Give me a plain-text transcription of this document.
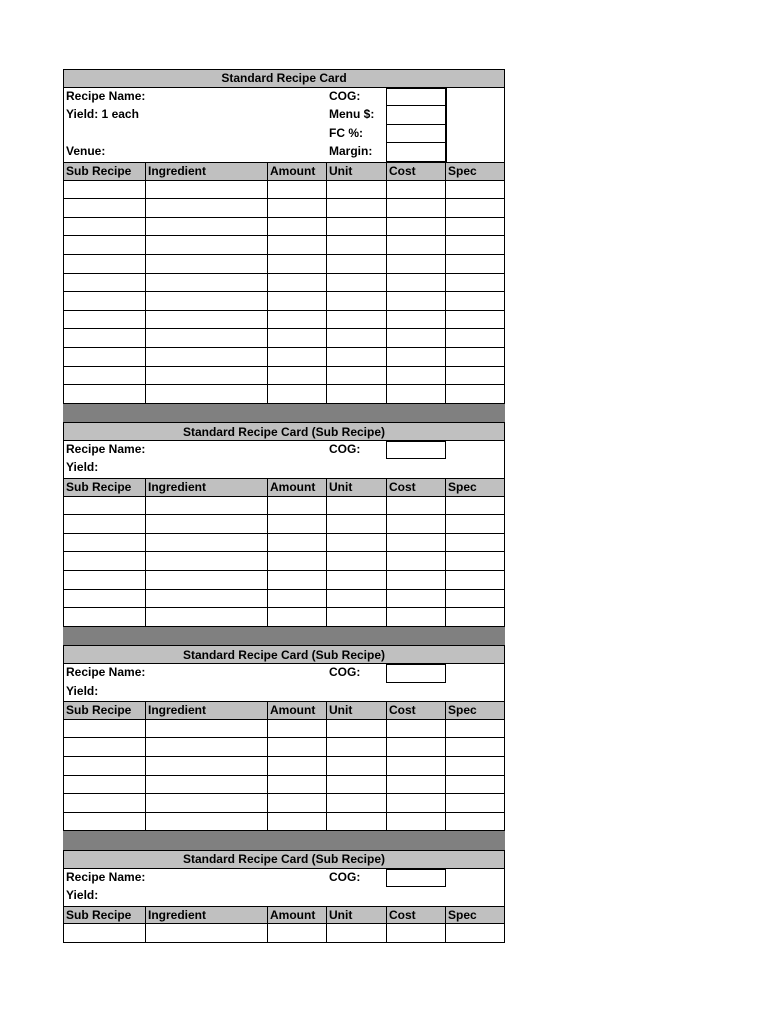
Standard Recipe Card
Recipe Name:	COG:
Yield: 1 each	Menu $:
FC %:
Venue:	Margin:
Sub Recipe	Ingredient	Amount	Unit	Cost	Spec
Standard Recipe Card (Sub Recipe)
Recipe Name:	COG:
Yield:
Sub Recipe	Ingredient	Amount	Unit	Cost	Spec
Standard Recipe Card (Sub Recipe)
Recipe Name:	COG:
Yield:
Sub Recipe	Ingredient	Amount	Unit	Cost	Spec
Standard Recipe Card (Sub Recipe)
Recipe Name:	COG:
Yield:
Sub Recipe	Ingredient	Amount	Unit	Cost	Spec
